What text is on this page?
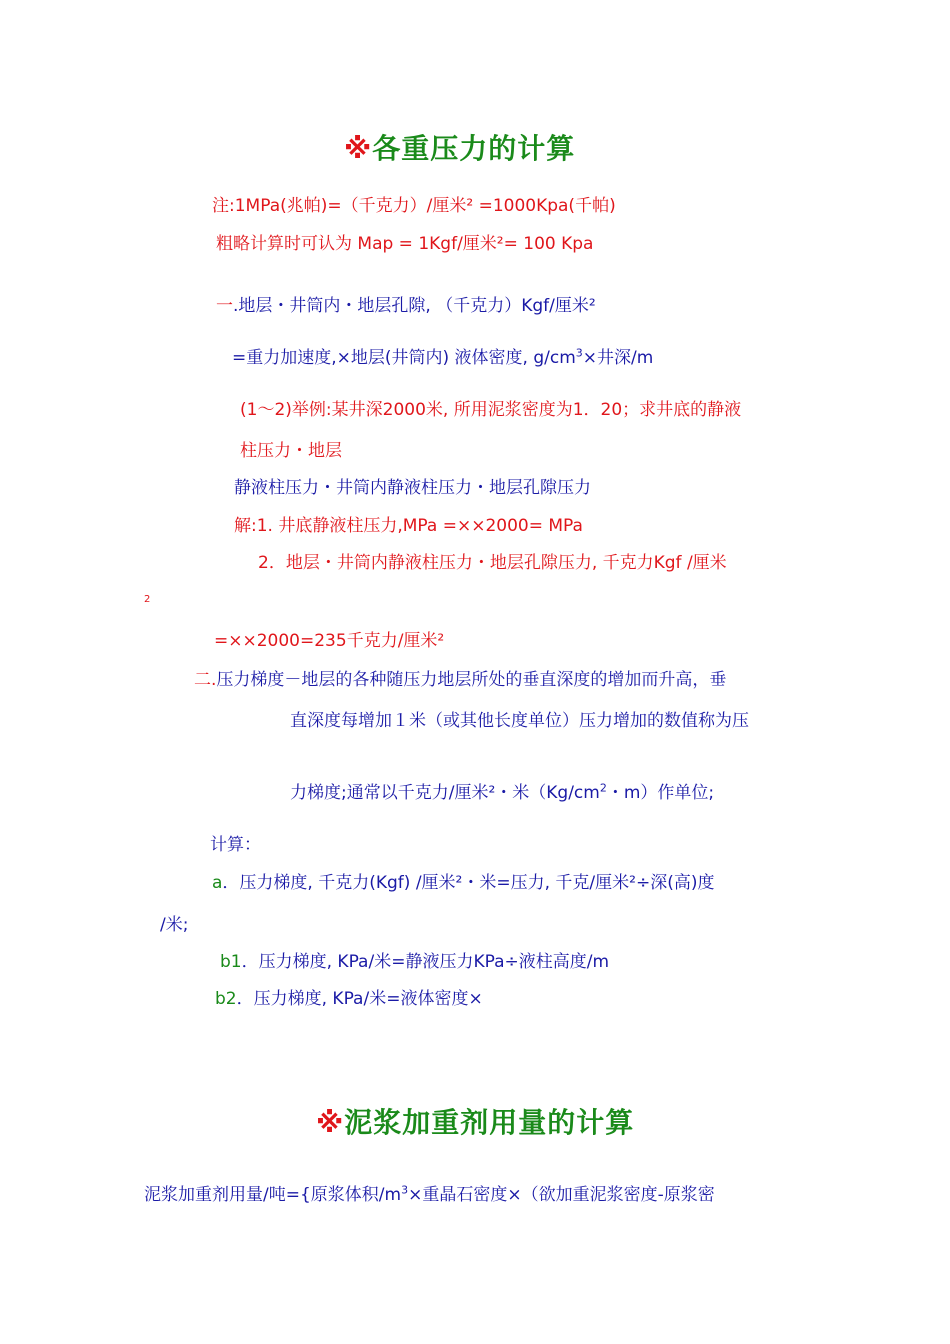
※各重压力的计算
注:1MPa(兆帕)=（千克力）/厘米² =1000Kpa(千帕)
粗略计算时可认为 Map = 1Kgf/厘米²= 100 Kpa
一.地层・井筒内・地层孔隙, （千克力）Kgf/厘米²
=重力加速度,×地层(井筒内) 液体密度, $g/cm^3\times$井深/m
(1～2)举例:某井深2000米, 所用泥浆密度为1．20；求井底的静液
柱压力・地层
静液柱压力・井筒内静液柱压力・地层孔隙压力
解:1. 井底静液柱压力,MPa =××2000= MPa
2．地层・井筒内静液柱压力・地层孔隙压力, 千克力Kgf /厘米
2
=××2000=235千克力/厘米²
二.压力梯度－地层的各种随压力地层所处的垂直深度的增加而升高，垂
直深度每增加１米（或其他长度单位）压力增加的数值称为压
力梯度;通常以千克力/厘米²・米（$Kg/cm^2$・m）作单位;
计算：
a．压力梯度, 千克力(Kgf) /厘米²・米=压力, 千克/厘米²÷深(高)度
/米;
b1．压力梯度, KPa/米=静液压力KPa÷液柱高度/m
b2．压力梯度, KPa/米=液体密度×
※泥浆加重剂用量的计算
泥浆加重剂用量/吨={原浆体积$/m^3\times$重晶石密度×（欲加重泥浆密度-原浆密
